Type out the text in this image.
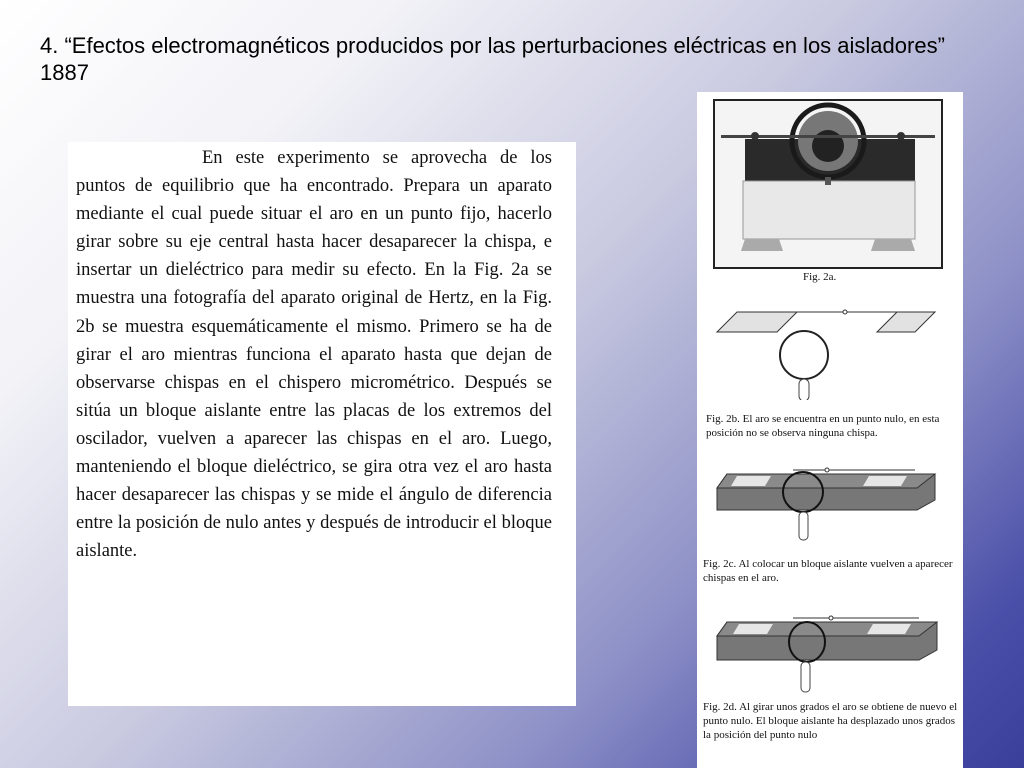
4. “Efectos electromagnéticos producidos por las perturbaciones eléctricas en los aisladores” 1887

En este experimento se aprovecha de los puntos de equilibrio que ha encontrado. Prepara un aparato mediante el cual puede situar el aro en un punto fijo, hacerlo girar sobre su eje central hasta hacer desaparecer la chispa, e insertar un dieléctrico para medir su efecto. En la Fig. 2a se muestra una fotografía del aparato original de Hertz, en la Fig. 2b se muestra esquemáticamente el mismo. Primero se ha de girar el aro mientras funciona el aparato hasta que dejan de observarse chispas en el chispero micrométrico. Después se sitúa un bloque aislante entre las placas de los extremos del oscilador, vuelven a aparecer las chispas en el aro. Luego, manteniendo el bloque dieléctrico, se gira otra vez el aro hasta hacer desaparecer las chispas y se mide el ángulo de diferencia entre la posición de nulo antes y después de introducir el bloque aislante.

Fig. 2a.

Fig. 2b. El aro se encuentra en un punto nulo, en esta posición no se observa ninguna chispa.

Fig. 2c. Al colocar un bloque aislante vuelven a aparecer chispas en el aro.

Fig. 2d. Al girar unos grados el aro se obtiene de nuevo el punto nulo. El bloque aislante ha desplazado unos grados la posición del punto nulo
